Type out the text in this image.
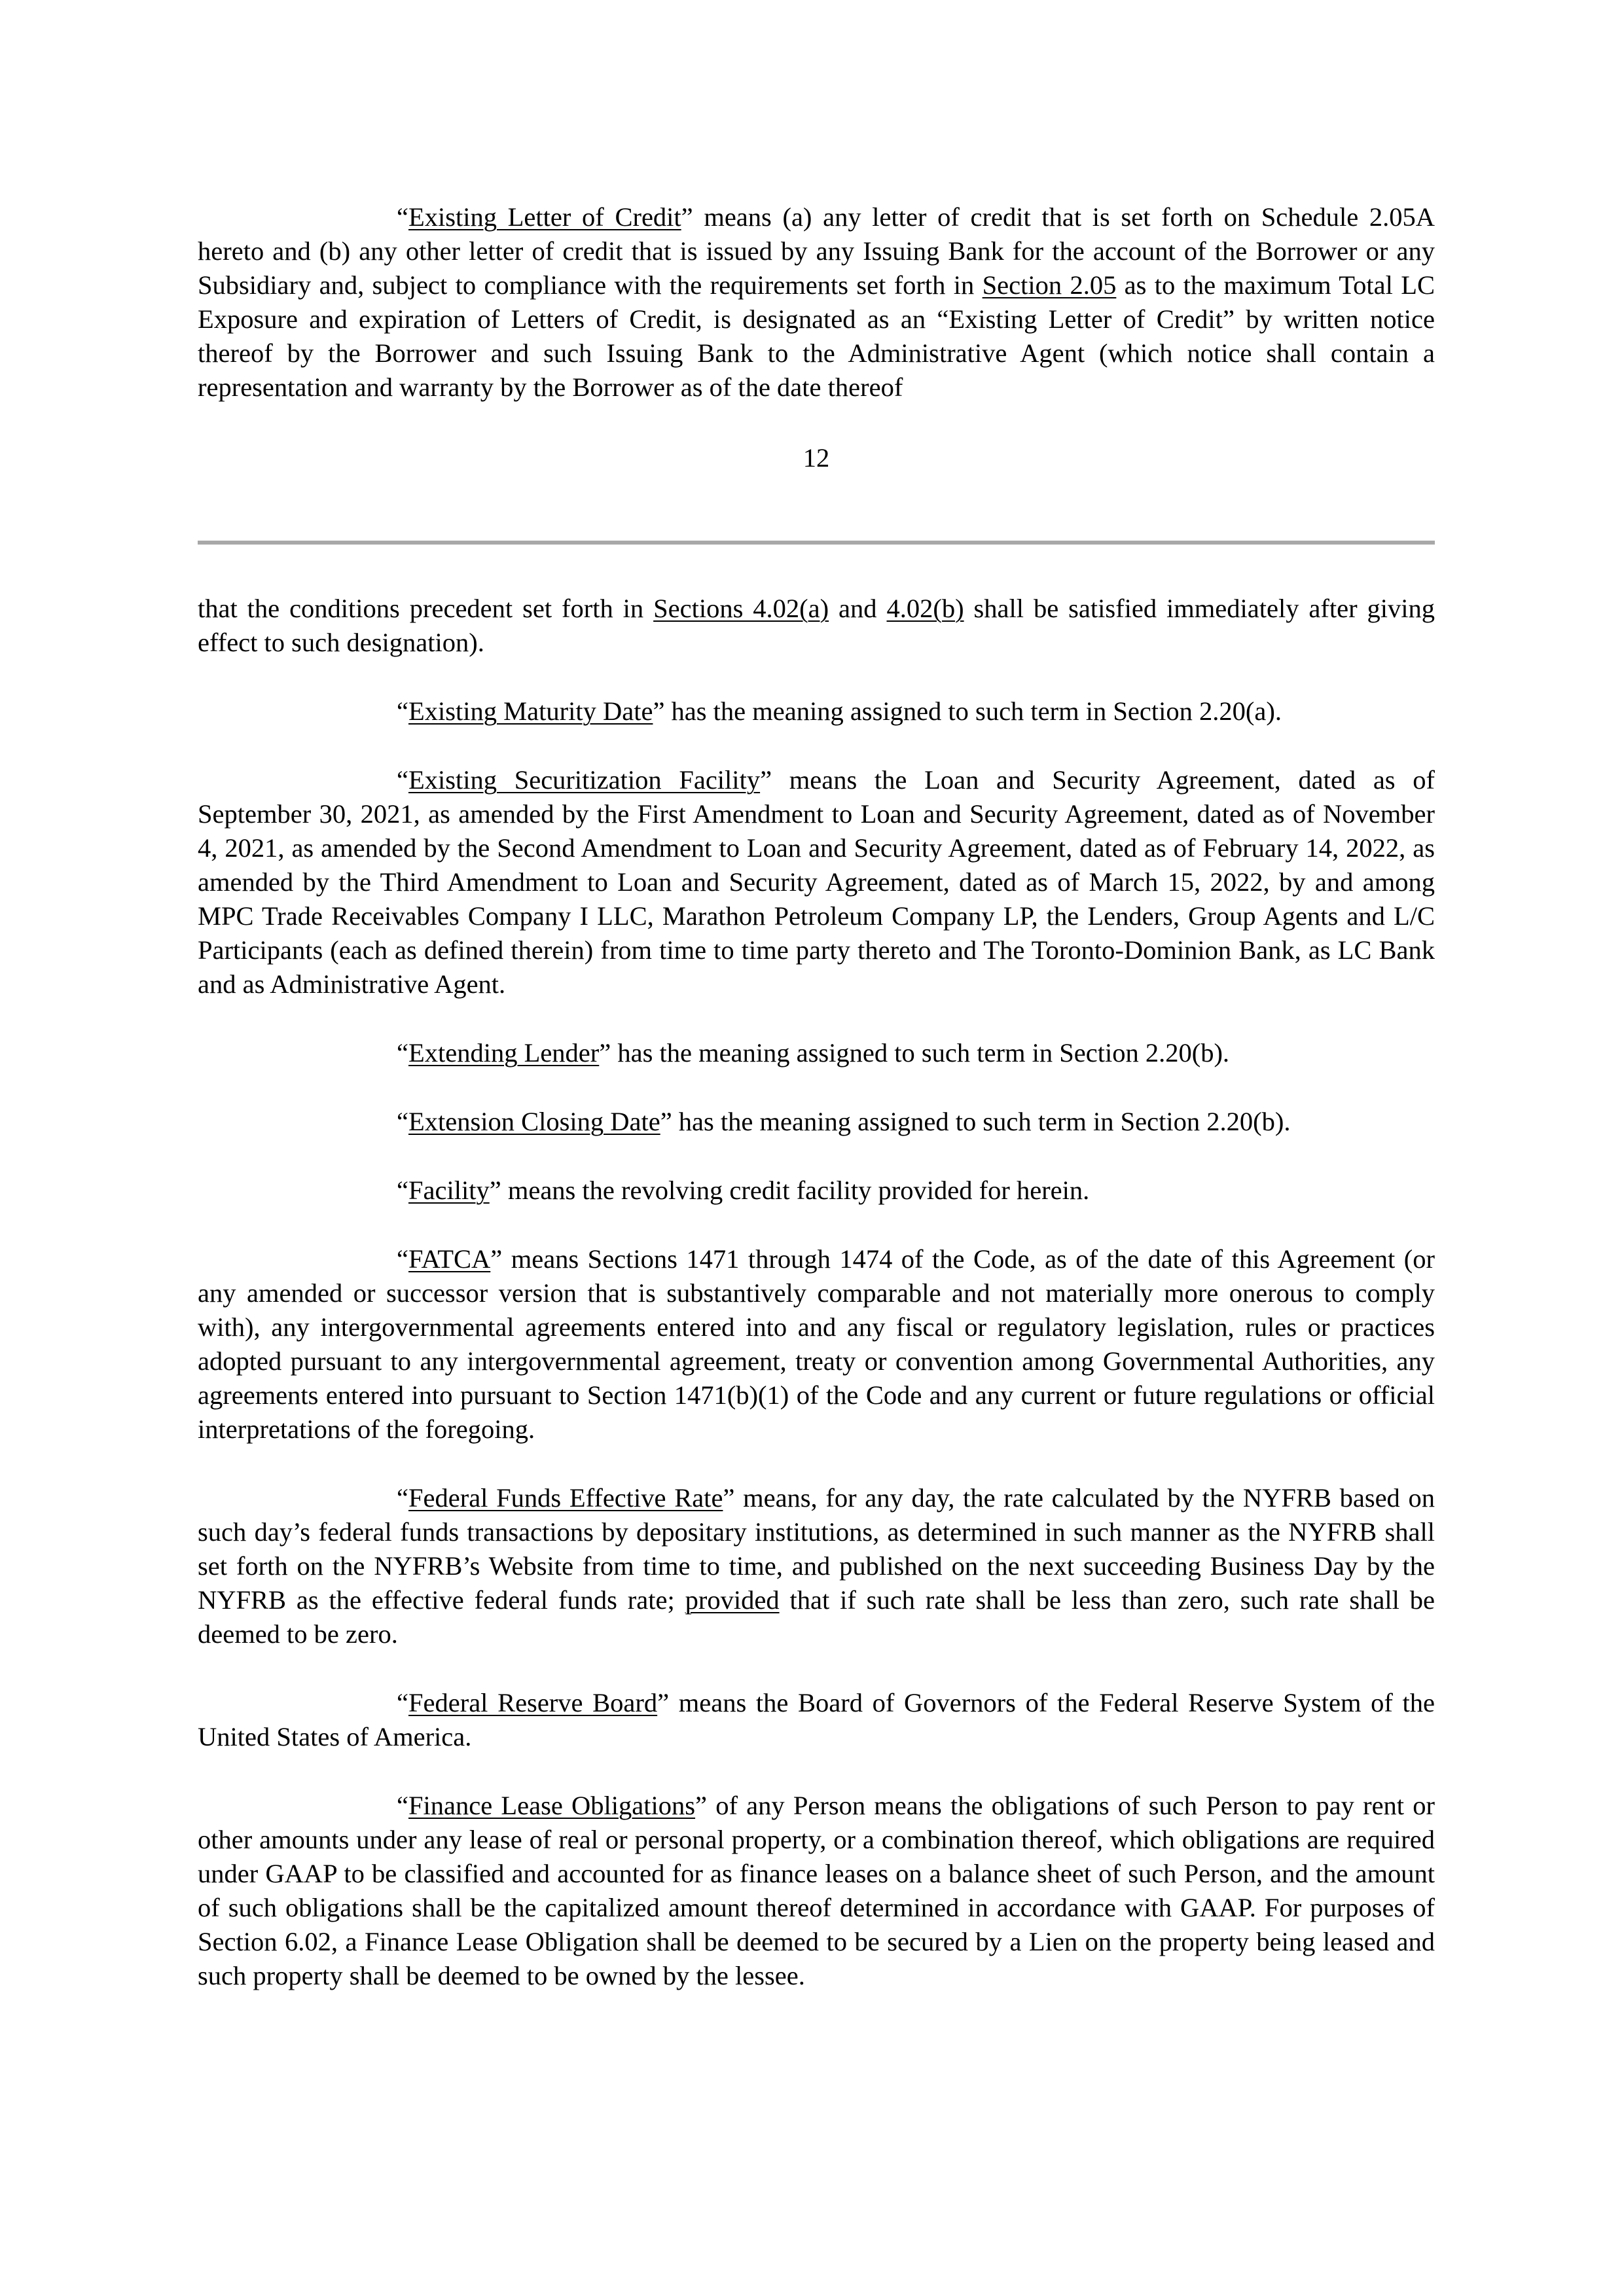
“Existing Letter of Credit” means (a) any letter of credit that is set forth on Schedule 2.05A hereto and (b) any other letter of credit that is issued by any Issuing Bank for the account of the Borrower or any Subsidiary and, subject to compliance with the requirements set forth in Section 2.05 as to the maximum Total LC Exposure and expiration of Letters of Credit, is designated as an “Existing Letter of Credit” by written notice thereof by the Borrower and such Issuing Bank to the Administrative Agent (which notice shall contain a representation and warranty by the Borrower as of the date thereof

12

that the conditions precedent set forth in Sections 4.02(a) and 4.02(b) shall be satisfied immediately after giving effect to such designation).

“Existing Maturity Date” has the meaning assigned to such term in Section 2.20(a).

“Existing Securitization Facility” means the Loan and Security Agreement, dated as of September 30, 2021, as amended by the First Amendment to Loan and Security Agreement, dated as of November 4, 2021, as amended by the Second Amendment to Loan and Security Agreement, dated as of February 14, 2022, as amended by the Third Amendment to Loan and Security Agreement, dated as of March 15, 2022, by and among MPC Trade Receivables Company I LLC, Marathon Petroleum Company LP, the Lenders, Group Agents and L/C Participants (each as defined therein) from time to time party thereto and The Toronto-Dominion Bank, as LC Bank and as Administrative Agent.

“Extending Lender” has the meaning assigned to such term in Section 2.20(b).

“Extension Closing Date” has the meaning assigned to such term in Section 2.20(b).

“Facility” means the revolving credit facility provided for herein.

“FATCA” means Sections 1471 through 1474 of the Code, as of the date of this Agreement (or any amended or successor version that is substantively comparable and not materially more onerous to comply with), any intergovernmental agreements entered into and any fiscal or regulatory legislation, rules or practices adopted pursuant to any intergovernmental agreement, treaty or convention among Governmental Authorities, any agreements entered into pursuant to Section 1471(b)(1) of the Code and any current or future regulations or official interpretations of the foregoing.

“Federal Funds Effective Rate” means, for any day, the rate calculated by the NYFRB based on such day’s federal funds transactions by depositary institutions, as determined in such manner as the NYFRB shall set forth on the NYFRB’s Website from time to time, and published on the next succeeding Business Day by the NYFRB as the effective federal funds rate; provided that if such rate shall be less than zero, such rate shall be deemed to be zero.

“Federal Reserve Board” means the Board of Governors of the Federal Reserve System of the United States of America.

“Finance Lease Obligations” of any Person means the obligations of such Person to pay rent or other amounts under any lease of real or personal property, or a combination thereof, which obligations are required under GAAP to be classified and accounted for as finance leases on a balance sheet of such Person, and the amount of such obligations shall be the capitalized amount thereof determined in accordance with GAAP. For purposes of Section 6.02, a Finance Lease Obligation shall be deemed to be secured by a Lien on the property being leased and such property shall be deemed to be owned by the lessee.
